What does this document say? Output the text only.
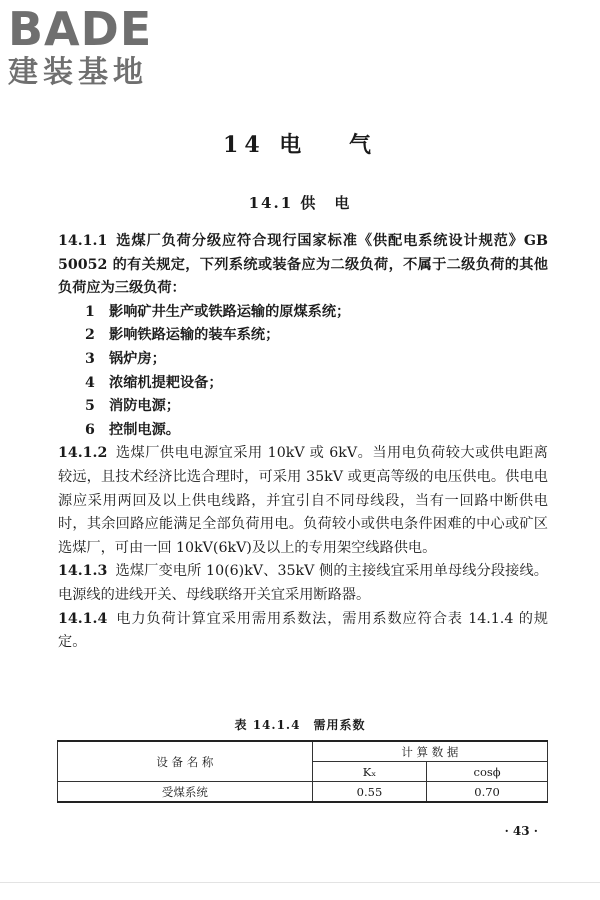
BADE
建装基地
14 电　 气
14.1 供　电

14.1.1 选煤厂负荷分级应符合现行国家标准《供配电系统设计规范》GB 50052 的有关规定，下列系统或装备应为二级负荷，不属于二级负荷的其他负荷应为三级负荷：

1 影响矿井生产或铁路运输的原煤系统；

2 影响铁路运输的装车系统；

3 锅炉房；

4 浓缩机提耙设备；

5 消防电源；

6 控制电源。

14.1.2 选煤厂供电电源宜采用 10kV 或 6kV。当用电负荷较大或供电距离较远，且技术经济比选合理时，可采用 35kV 或更高等级的电压供电。供电电源应采用两回及以上供电线路，并宜引自不同母线段，当有一回路中断供电时，其余回路应能满足全部负荷用电。负荷较小或供电条件困难的中心或矿区选煤厂，可由一回 10kV(6kV)及以上的专用架空线路供电。

14.1.3 选煤厂变电所 10(6)kV、35kV 侧的主接线宜采用单母线分段接线。电源线的进线开关、母线联络开关宜采用断路器。

14.1.4 电力负荷计算宜采用需用系数法，需用系数应符合表 14.1.4 的规定。

表 14.1.4　需用系数
设 备 名 称	计 算 数 据	
	Kₓ	cosϕ
受煤系统	0.55	0.70
· 43 ·
